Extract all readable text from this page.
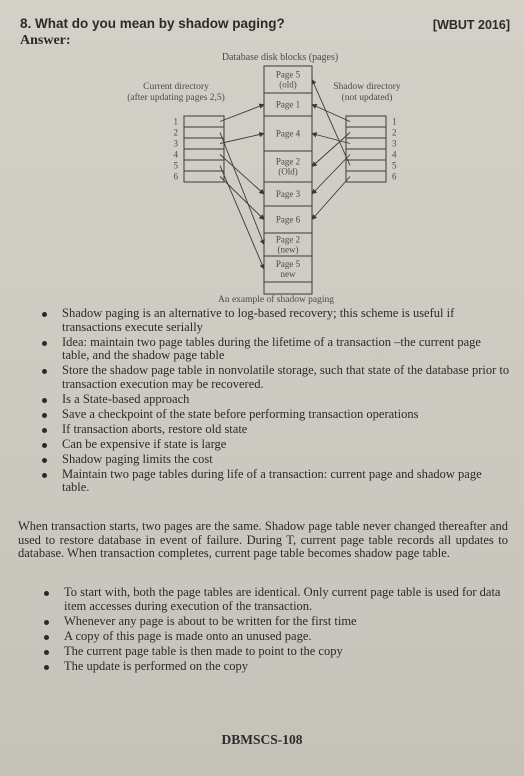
8. What do you mean by shadow paging?	[WBUT 2016]
Answer:
Database disk blocks (pages)
Current directory
(after updating pages 2,5)
Shadow directory
(not updated)
1
2
3
4
5
6
1
2
3
4
5
6
Page 5
(old)
Page 1
Page 4
Page 2
(Old)
Page 3
Page 6
Page 2
(new)
Page 5
new
An example of shadow paging
Shadow paging is an alternative to log-based recovery; this scheme is useful if transactions execute serially
Idea: maintain two page tables during the lifetime of a transaction –the current page table, and the shadow page table
Store the shadow page table in nonvolatile storage, such that state of the database prior to transaction execution may be recovered.
Is a State-based approach
Save a checkpoint of the state before performing transaction operations
If transaction aborts, restore old state
Can be expensive if state is large
Shadow paging limits the cost
Maintain two page tables during life of a transaction: current page and shadow page table.
When transaction starts, two pages are the same. Shadow page table never changed thereafter and used to restore database in event of failure. During T, current page table records all updates to database. When transaction completes, current page table becomes shadow page table.
To start with, both the page tables are identical. Only current page table is used for data item accesses during execution of the transaction.
Whenever any page is about to be written for the first time
A copy of this page is made onto an unused page.
The current page table is then made to point to the copy
The update is performed on the copy
DBMSCS-108
